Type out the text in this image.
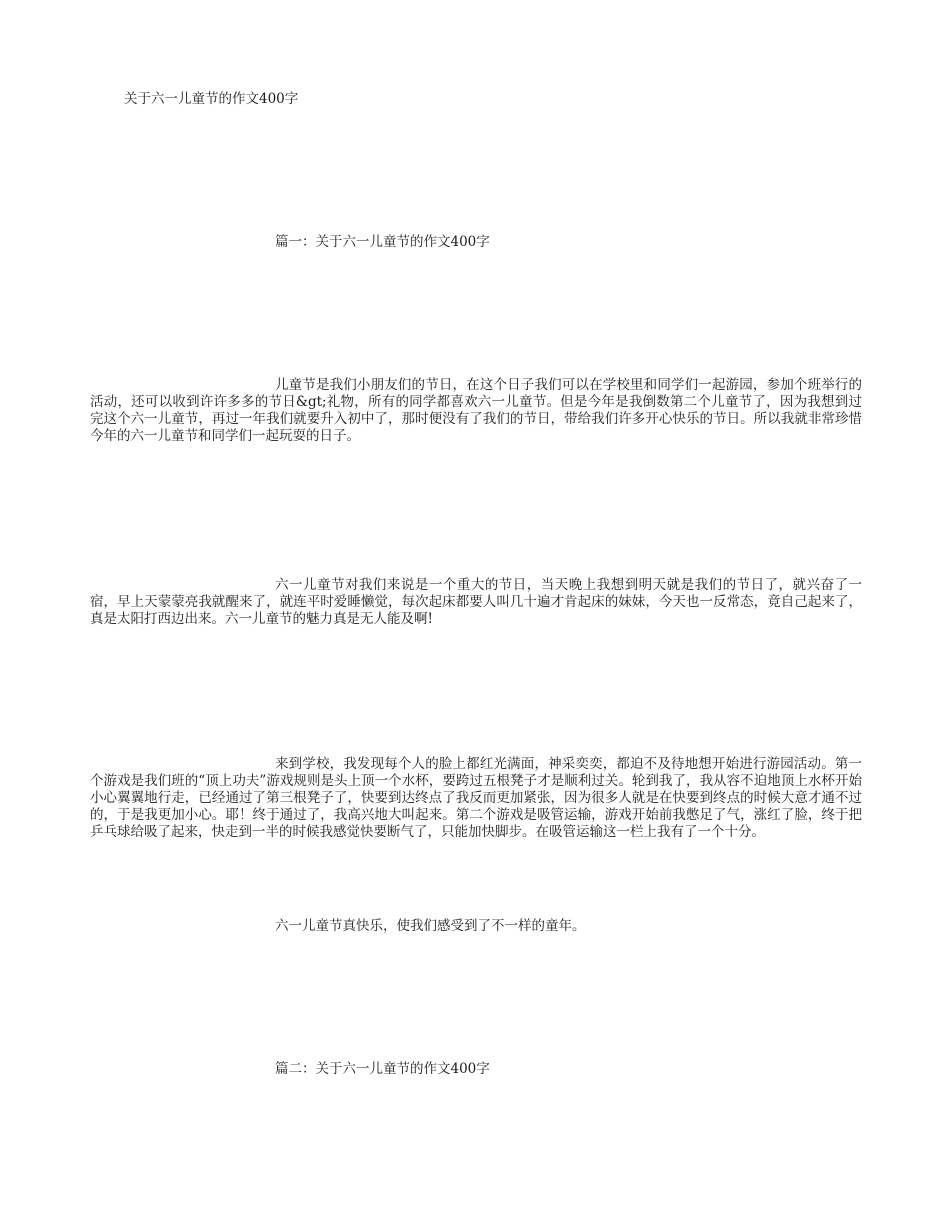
关于六一儿童节的作文400字
篇一：关于六一儿童节的作文400字

儿童节是我们小朋友们的节日，在这个日子我们可以在学校里和同学们一起游园，参加个班举行的活动，还可以收到许许多多的节日&gt;礼物，所有的同学都喜欢六一儿童节。但是今年是我倒数第二个儿童节了，因为我想到过完这个六一儿童节，再过一年我们就要升入初中了，那时便没有了我们的节日，带给我们许多开心快乐的节日。所以我就非常珍惜今年的六一儿童节和同学们一起玩耍的日子。

六一儿童节对我们来说是一个重大的节日，当天晚上我想到明天就是我们的节日了，就兴奋了一宿，早上天蒙蒙亮我就醒来了，就连平时爱睡懒觉，每次起床都要人叫几十遍才肯起床的妹妹，今天也一反常态，竟自己起来了，真是太阳打西边出来。六一儿童节的魅力真是无人能及啊!

来到学校，我发现每个人的脸上都红光满面，神采奕奕，都迫不及待地想开始进行游园活动。第一个游戏是我们班的“顶上功夫”游戏规则是头上顶一个水杯，要跨过五根凳子才是顺利过关。轮到我了，我从容不迫地顶上水杯开始小心翼翼地行走，已经通过了第三根凳子了，快要到达终点了我反而更加紧张，因为很多人就是在快要到终点的时候大意才通不过的，于是我更加小心。耶！终于通过了，我高兴地大叫起来。第二个游戏是吸管运输，游戏开始前我憋足了气，涨红了脸，终于把乒乓球给吸了起来，快走到一半的时候我感觉快要断气了，只能加快脚步。在吸管运输这一栏上我有了一个十分。

六一儿童节真快乐，使我们感受到了不一样的童年。
篇二：关于六一儿童节的作文400字
